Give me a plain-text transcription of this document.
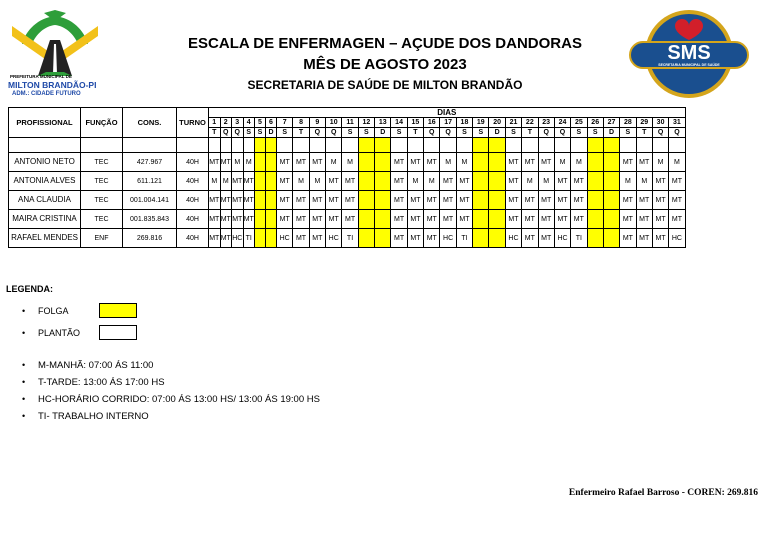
PREFEITURA MUNICIPAL DE
MILTON BRANDÃO-PI
ADM.: CIDADE FUTURO
SMS
SECRETARIA MUNICIPAL DE SAÚDE
ESCALA DE ENFERMAGEN – AÇUDE DOS DANDORAS
MÊS DE AGOSTO 2023
SECRETARIA DE SAÚDE DE MILTON BRANDÃO
PROFISSIONAL	FUNÇÃO	CONS.	TURNO	DIAS																														
				1	2	3	4	5	6	7	8	9	10	11	12	13	14	15	16	17	18	19	20	21	22	23	24	25	26	27	28	29	30	31
				T	Q	Q	S	S	D	S	T	Q	Q	S	S	D	S	T	Q	Q	S	S	D	S	T	Q	Q	S	S	D	S	T	Q	Q

ANTONIO NETO	TEC	427.967	40H	MT	MT	M	M			MT	MT	MT	M	M			MT	MT	MT	M	M			MT	MT	MT	M	M			MT	MT	M	M
ANTONIA ALVES	TEC	611.121	40H	M	M	MT	MT			MT	M	M	MT	MT			MT	M	M	MT	MT			MT	M	M	MT	MT			M	M	MT	MT
ANA CLAUDIA	TEC	001.004.141	40H	MT	MT	MT	MT			MT	MT	MT	MT	MT			MT	MT	MT	MT	MT			MT	MT	MT	MT	MT			MT	MT	MT	MT
MAIRA CRISTINA	TEC	001.835.843	40H	MT	MT	MT	MT			MT	MT	MT	MT	MT			MT	MT	MT	MT	MT			MT	MT	MT	MT	MT			MT	MT	MT	MT
RAFAEL MENDES	ENF	269.816	40H	MT	MT	HC	TI			HC	MT	MT	HC	TI			MT	MT	MT	HC	TI			HC	MT	MT	HC	TI			MT	MT	MT	HC
LEGENDA:
• FOLGA
• PLANTÃO
• M-MANHÃ: 07:00 ÁS 11:00
• T-TARDE: 13:00 ÁS 17:00 HS
• HC-HORÁRIO CORRIDO: 07:00 ÁS 13:00 HS/ 13:00 ÁS 19:00 HS
• TI- TRABALHO INTERNO
Enfermeiro Rafael Barroso - COREN: 269.816
